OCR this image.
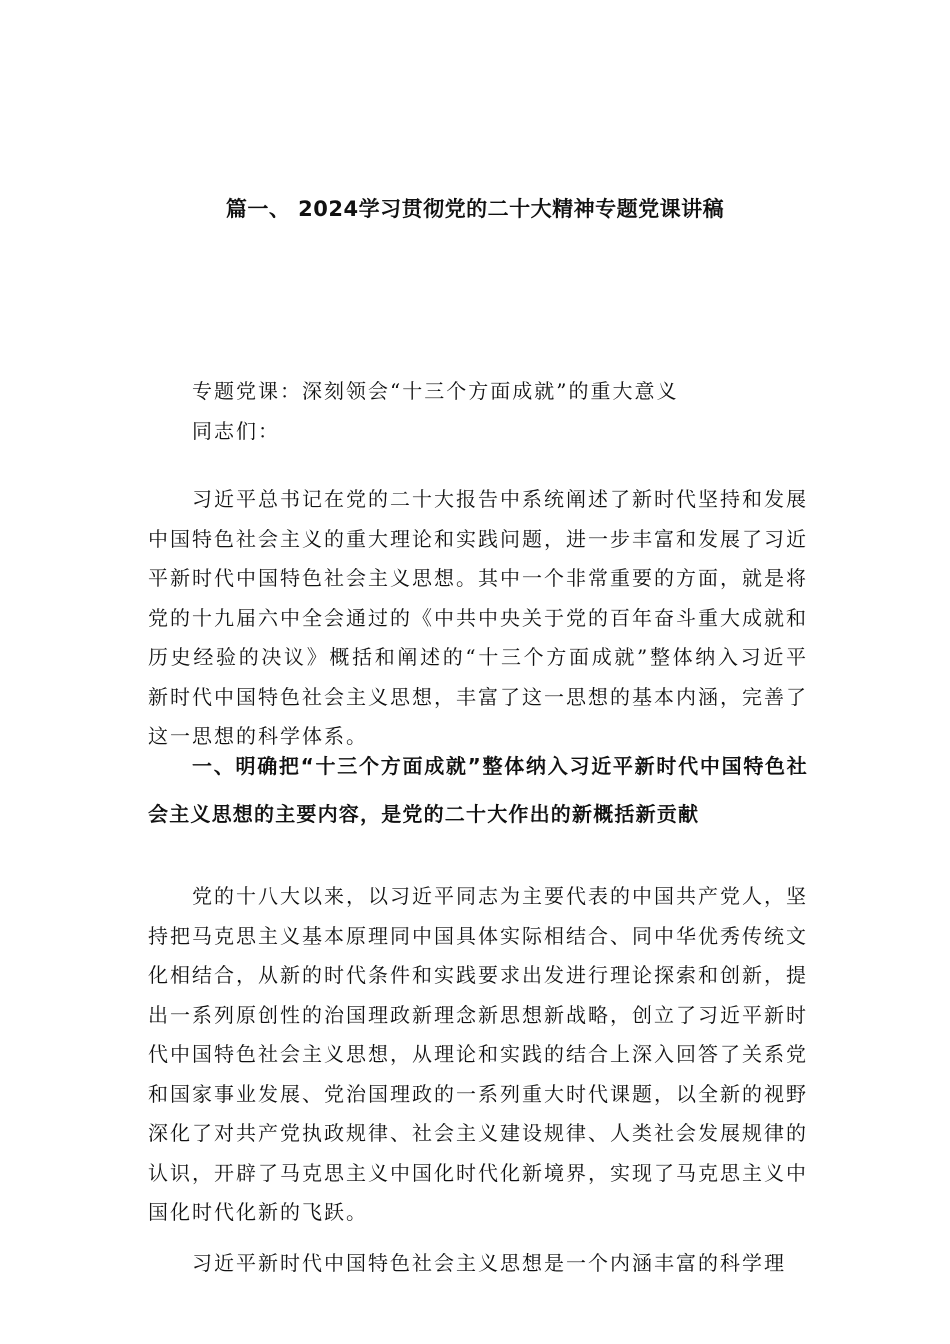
篇一、 2024学习贯彻党的二十大精神专题党课讲稿
专题党课：深刻领会“十三个方面成就”的重大意义
同志们：
习近平总书记在党的二十大报告中系统阐述了新时代坚持和发展中国特色社会主义的重大理论和实践问题，进一步丰富和发展了习近平新时代中国特色社会主义思想。其中一个非常重要的方面，就是将党的十九届六中全会通过的《中共中央关于党的百年奋斗重大成就和历史经验的决议》概括和阐述的“十三个方面成就”整体纳入习近平新时代中国特色社会主义思想，丰富了这一思想的基本内涵，完善了这一思想的科学体系。
一、明确把“十三个方面成就”整体纳入习近平新时代中国特色社会主义思想的主要内容，是党的二十大作出的新概括新贡献
党的十八大以来，以习近平同志为主要代表的中国共产党人，坚持把马克思主义基本原理同中国具体实际相结合、同中华优秀传统文化相结合，从新的时代条件和实践要求出发进行理论探索和创新，提出一系列原创性的治国理政新理念新思想新战略，创立了习近平新时代中国特色社会主义思想，从理论和实践的结合上深入回答了关系党和国家事业发展、党治国理政的一系列重大时代课题，以全新的视野深化了对共产党执政规律、社会主义建设规律、人类社会发展规律的认识，开辟了马克思主义中国化时代化新境界，实现了马克思主义中国化时代化新的飞跃。
习近平新时代中国特色社会主义思想是一个内涵丰富的科学理
